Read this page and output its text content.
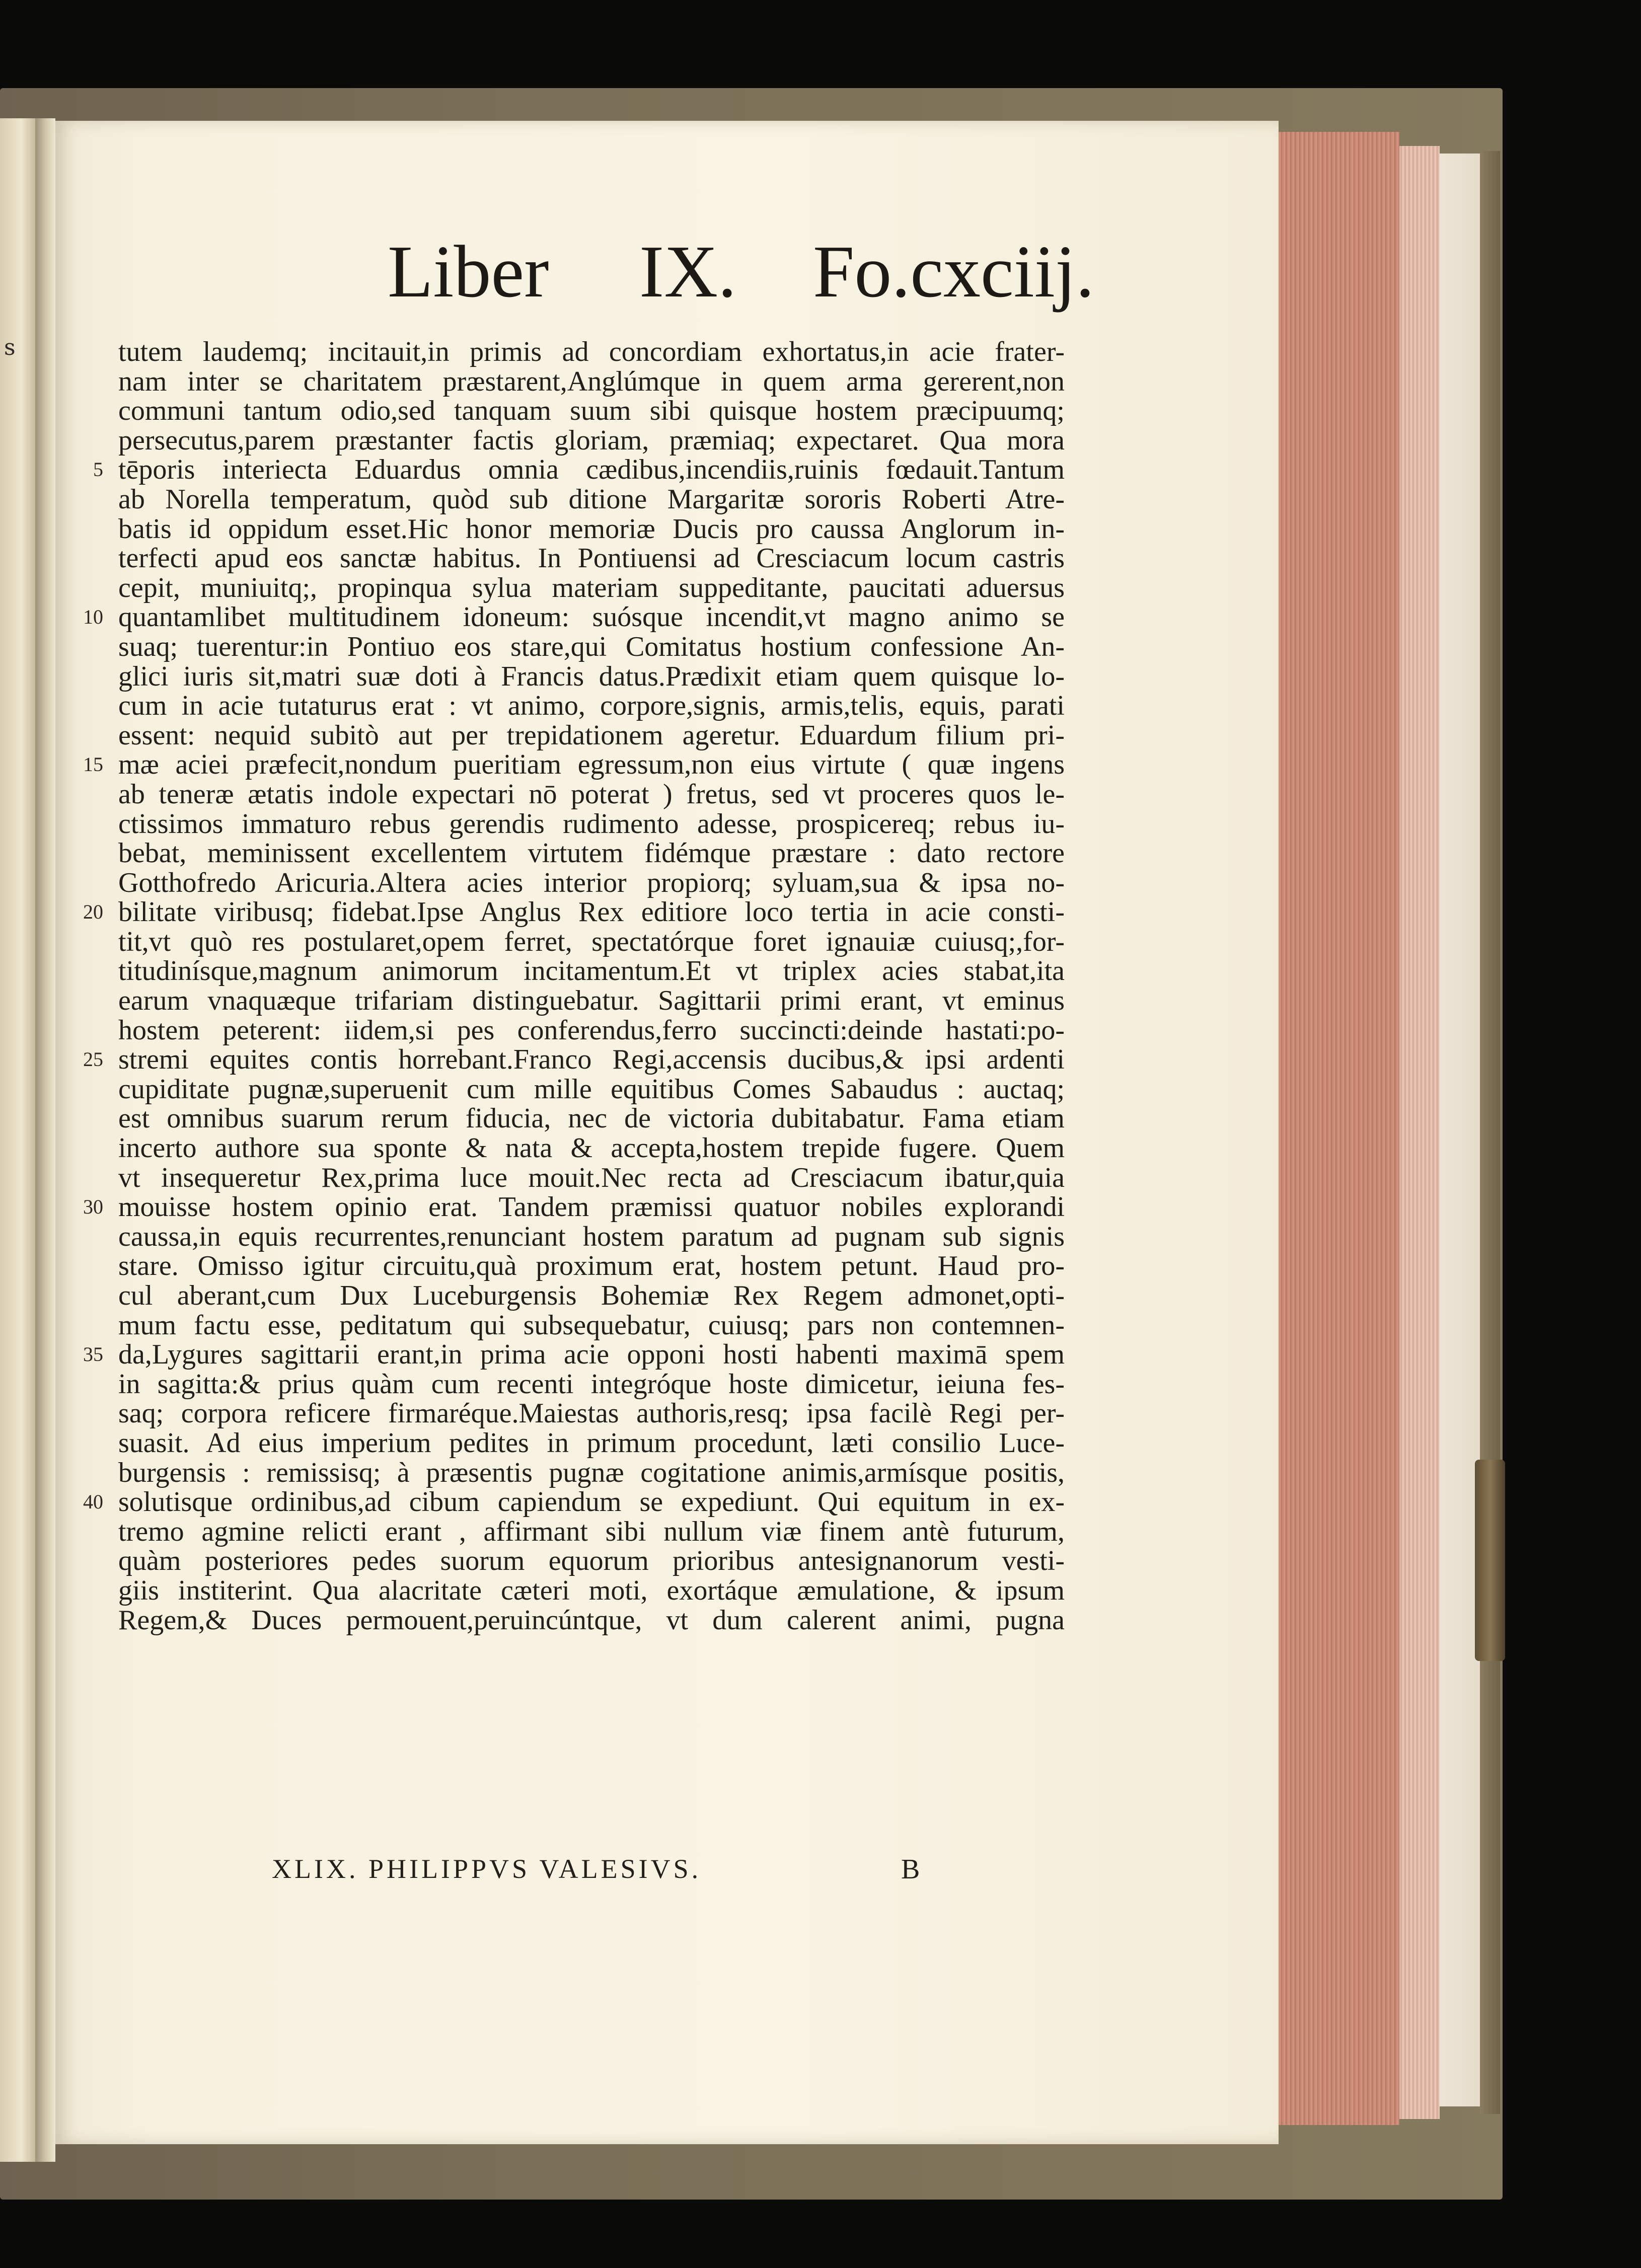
s
Liber IX. Fo.cxciij.
tutem laudemq; incitauit,in primis ad concordiam exhortatus,in acie frater-
nam inter se charitatem præstarent,Anglúmque in quem arma gererent,non
communi tantum odio,sed tanquam suum sibi quisque hostem præcipuumq;
persecutus,parem præstanter factis gloriam, præmiaq; expectaret. Qua mora
5 tēporis interiecta Eduardus omnia cædibus,incendiis,ruinis fœdauit.Tantum
ab Norella temperatum, quòd sub ditione Margaritæ sororis Roberti Atre-
batis id oppidum esset.Hic honor memoriæ Ducis pro caussa Anglorum in-
terfecti apud eos sanctæ habitus. In Pontiuensi ad Cresciacum locum castris
cepit, muniuitq;, propinqua sylua materiam suppeditante, paucitati aduersus
10 quantamlibet multitudinem idoneum: suósque incendit,vt magno animo se
suaq; tuerentur:in Pontiuo eos stare,qui Comitatus hostium confessione An-
glici iuris sit,matri suæ doti à Francis datus.Prædixit etiam quem quisque lo-
cum in acie tutaturus erat : vt animo, corpore,signis, armis,telis, equis, parati
essent: nequid subitò aut per trepidationem ageretur. Eduardum filium pri-
15 mæ aciei præfecit,nondum pueritiam egressum,non eius virtute ( quæ ingens
ab teneræ ætatis indole expectari nō poterat ) fretus, sed vt proceres quos le-
ctissimos immaturo rebus gerendis rudimento adesse, prospicereq; rebus iu-
bebat, meminissent excellentem virtutem fidémque præstare : dato rectore
Gotthofredo Aricuria.Altera acies interior propiorq; syluam,sua & ipsa no-
20 bilitate virib​usq; fidebat.Ipse Anglus Rex editiore loco tertia in acie consti-
tit,vt quò res postularet,opem ferret, spectatórque foret ignauiæ cuiusq;,for-
titudinísque,magnum animorum incitamentum.Et vt triplex acies stabat,ita
earum vnaquæque trifariam distinguebatur. Sagittarii primi erant, vt eminus
hostem peterent: iidem,si pes conferendus,ferro succincti:deinde hastati:po-
25 stremi equites contis horrebant.Franco Regi,accensis ducibus,& ipsi ardenti
cupiditate pugnæ,superuenit cum mille equitibus Comes Sabaudus : auctaq;
est omnibus suarum rerum fiducia, nec de victoria dubitabatur. Fama etiam
incerto authore sua sponte & nata & accepta,hostem trepide fugere. Quem
vt insequeretur Rex,prima luce mouit.Nec recta ad Cresciacum ibatur,quia
30 mouisse hostem opinio erat. Tandem præmissi quatuor nobiles explorandi
caussa,in equis recurrentes,renunciant hostem paratum ad pugnam sub signis
stare. Omisso igitur circuitu,quà proximum erat, hostem petunt. Haud pro-
cul aberant,cum Dux Luceburgensis Bohemiæ Rex Regem admonet,opti-
mum factu esse, peditatum qui subsequebatur, cuiusq; pars non contemnen-
35 da,Lygures sagittarii erant,in prima acie opponi hosti habenti maximā spem
in sagitta:& prius quàm cum recenti integróque hoste dimicetur, ieiuna fes-
saq; corpora reficere firmaréque.Maiestas authoris,resq; ipsa facilè Regi per-
suasit. Ad eius imperium pedites in primum procedunt, læti consilio Luce-
burgensis : remissisq; à præsentis pugnæ cogitatione animis,armísque positis,
40 solutisque ordinibus,ad cibum capiendum se expediunt. Qui equitum in ex-
tremo agmine relicti erant , affirmant sibi nullum viæ finem antè futurum,
quàm posteriores pedes suorum equorum prioribus antesignanorum vesti-
giis institerint. Qua alacritate cæteri moti, exortáque æmulatione, & ipsum
Regem,& Duces permouent,peruincúntque, vt dum calerent animi, pugna
XLIX. PHILIPPVS VALESIVS.	B
